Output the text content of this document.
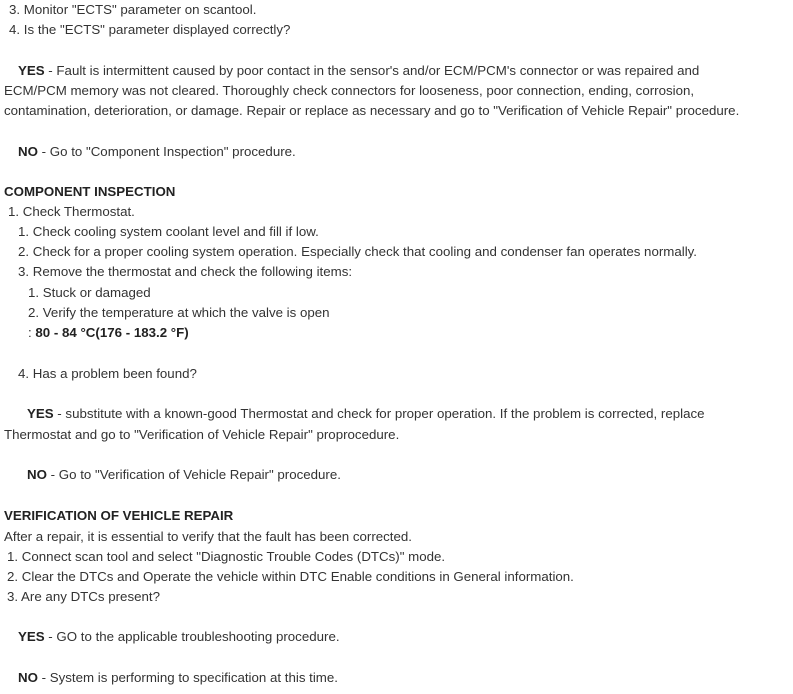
3. Monitor "ECTS" parameter on scantool.
4. Is the "ECTS" parameter displayed correctly?
YES - Fault is intermittent caused by poor contact in the sensor's and/or ECM/PCM's connector or was repaired and
ECM/PCM memory was not cleared. Thoroughly check connectors for looseness, poor connection, ending, corrosion,
contamination, deterioration, or damage. Repair or replace as necessary and go to "Verification of Vehicle Repair" procedure.
NO - Go to "Component Inspection" procedure.
COMPONENT INSPECTION
1. Check Thermostat.
1. Check cooling system coolant level and fill if low.
2. Check for a proper cooling system operation. Especially check that cooling and condenser fan operates normally.
3. Remove the thermostat and check the following items:
1. Stuck or damaged
2. Verify the temperature at which the valve is open
: 80 - 84 °C(176 - 183.2 °F)
4. Has a problem been found?
YES - substitute with a known-good Thermostat and check for proper operation. If the problem is corrected, replace
Thermostat and go to "Verification of Vehicle Repair" proprocedure.
NO - Go to "Verification of Vehicle Repair" procedure.
VERIFICATION OF VEHICLE REPAIR
After a repair, it is essential to verify that the fault has been corrected.
1. Connect scan tool and select "Diagnostic Trouble Codes (DTCs)" mode.
2. Clear the DTCs and Operate the vehicle within DTC Enable conditions in General information.
3. Are any DTCs present?
YES - GO to the applicable troubleshooting procedure.
NO - System is performing to specification at this time.
